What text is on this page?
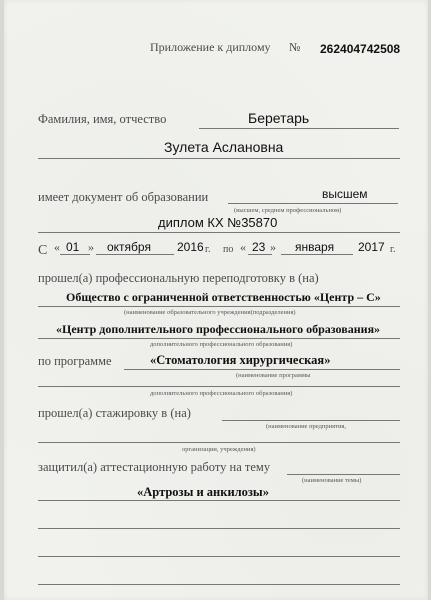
Приложение к диплому № 262404742508
Фамилия, имя, отчество	Беретарь
Зулета Аслановна
имеет документ об образовании	высшем
(высшем, среднем профессиональном)
диплом КХ №35870
С « 01 » октября 2016 г. по « 23 » января 2017 г.
прошел(а) профессиональную переподготовку в (на)
Общество с ограниченной ответственностью «Центр – С»
(наименование образовательного учреждения(подразделения)
«Центр дополнительного профессионального образования»
дополнительного профессионального образования)
по программе	«Стоматология хирургическая»
(наименование программы
дополнительного профессионального образования)
прошел(а) стажировку в (на)
(наименование предприятия,
организации, учреждения)
защитил(а) аттестационную работу на тему
(наименование темы)
«Артрозы и анкилозы»
